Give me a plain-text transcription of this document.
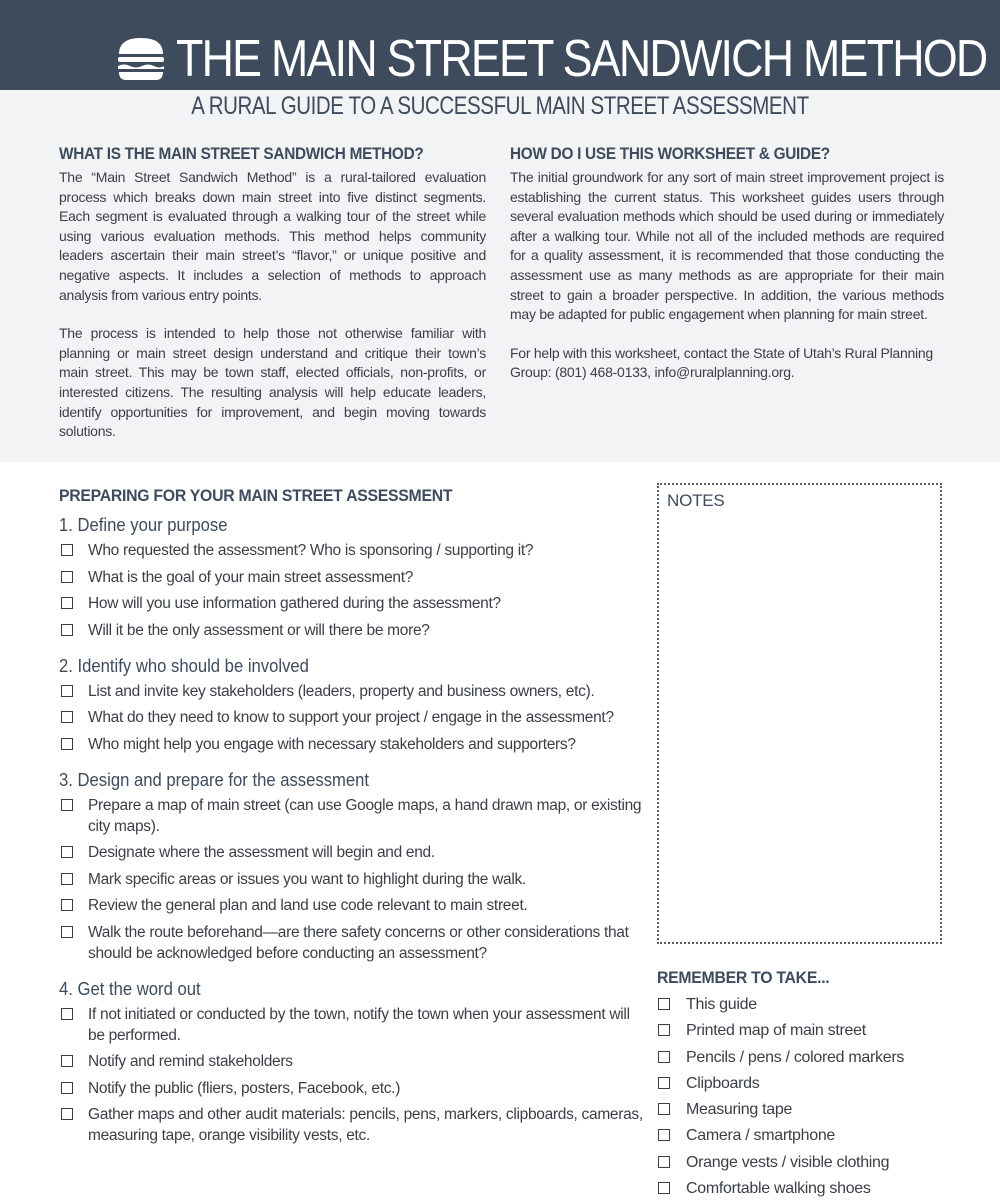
THE MAIN STREET SANDWICH METHOD
A RURAL GUIDE TO A SUCCESSFUL MAIN STREET ASSESSMENT
WHAT IS THE MAIN STREET SANDWICH METHOD?

The “Main Street Sandwich Method” is a rural-tailored evaluation process which breaks down main street into five distinct segments. Each segment is evaluated through a walking tour of the street while using various evaluation methods. This method helps community leaders ascertain their main street’s “flavor,” or unique positive and negative aspects. It includes a selection of methods to approach analysis from various entry points.

The process is intended to help those not otherwise familiar with planning or main street design understand and critique their town’s main street. This may be town staff, elected officials, non-profits, or interested citizens. The resulting analysis will help educate leaders, identify opportunities for improvement, and begin moving towards solutions.

HOW DO I USE THIS WORKSHEET & GUIDE?

The initial groundwork for any sort of main street improvement project is establishing the current status. This worksheet guides users through several evaluation methods which should be used during or immediately after a walking tour. While not all of the included methods are required for a quality assessment, it is recommended that those conducting the assessment use as many methods as are appropriate for their main street to gain a broader perspective. In addition, the various methods may be adapted for public engagement when planning for main street.

For help with this worksheet, contact the State of Utah’s Rural Planning Group: (801) 468-0133, info@ruralplanning.org.

PREPARING FOR YOUR MAIN STREET ASSESSMENT
1. Define your purpose
Who requested the assessment? Who is sponsoring / supporting it?
What is the goal of your main street assessment?
How will you use information gathered during the assessment?
Will it be the only assessment or will there be more?
2. Identify who should be involved
List and invite key stakeholders (leaders, property and business owners, etc).
What do they need to know to support your project / engage in the assessment?
Who might help you engage with necessary stakeholders and supporters?
3. Design and prepare for the assessment
Prepare a map of main street (can use Google maps, a hand drawn map, or existing city maps).
Designate where the assessment will begin and end.
Mark specific areas or issues you want to highlight during the walk.
Review the general plan and land use code relevant to main street.
Walk the route beforehand—are there safety concerns or other considerations that should be acknowledged before conducting an assessment?
4. Get the word out
If not initiated or conducted by the town, notify the town when your assessment will be performed.
Notify and remind stakeholders
Notify the public (fliers, posters, Facebook, etc.)
Gather maps and other audit materials: pencils, pens, markers, clipboards, cameras, measuring tape, orange visibility vests, etc.
NOTES
REMEMBER TO TAKE...
This guide
Printed map of main street
Pencils / pens / colored markers
Clipboards
Measuring tape
Camera / smartphone
Orange vests / visible clothing
Comfortable walking shoes
